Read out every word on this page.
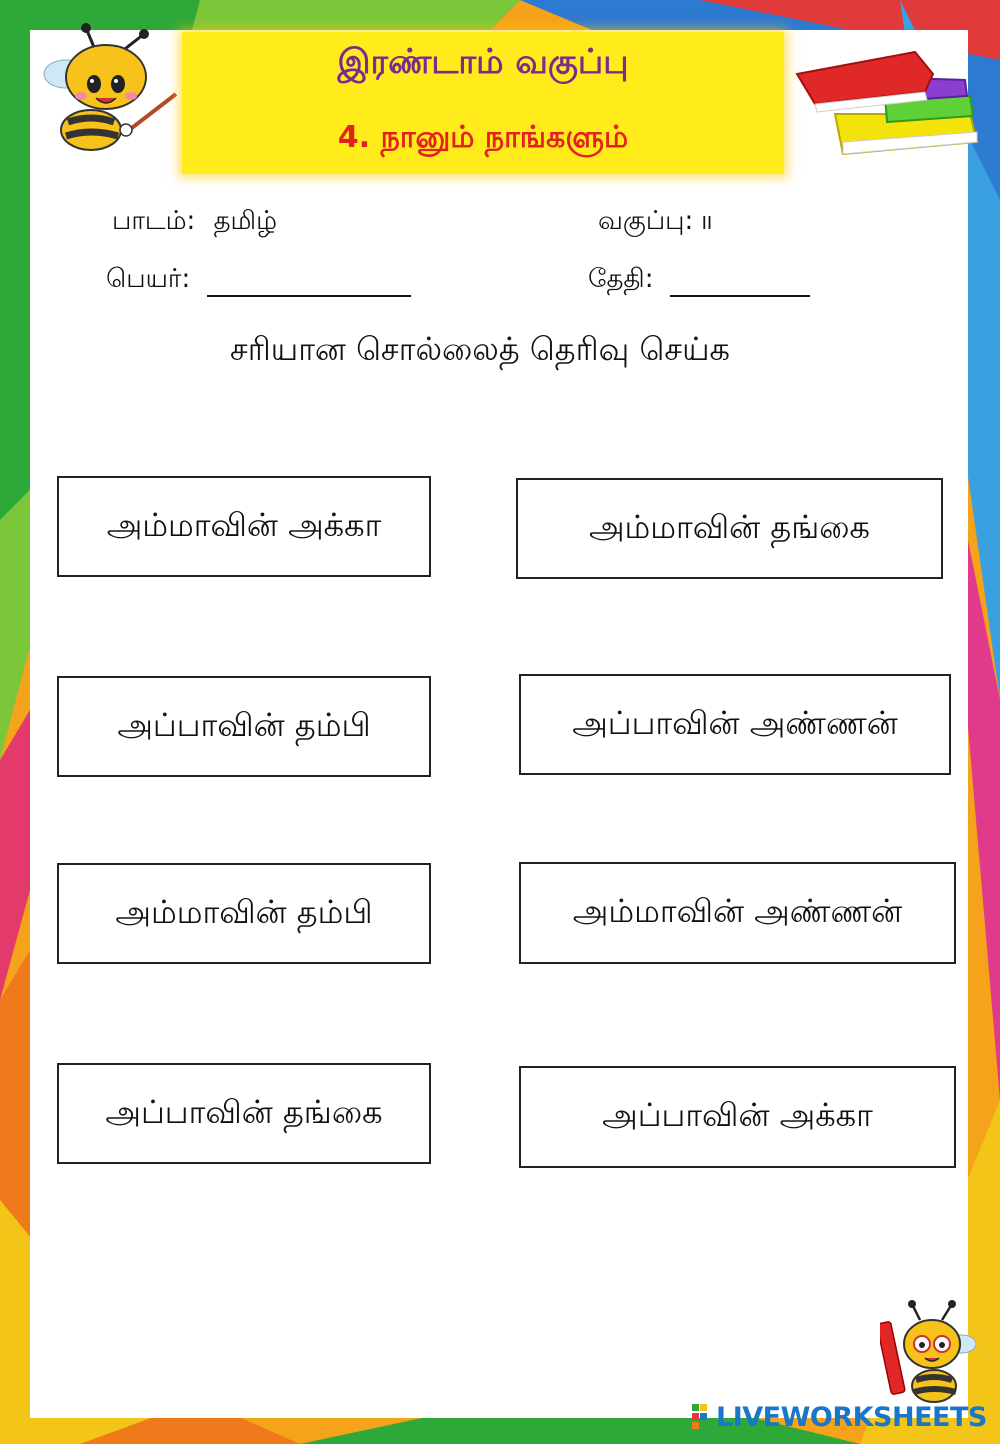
இரண்டாம் வகுப்பு
4. நானும் நாங்களும்
பாடம்: தமிழ்	வகுப்பு: II
பெயர்:	தேதி:
சரியான சொல்லைத் தெரிவு செய்க
அம்மாவின் அக்கா	அம்மாவின் தங்கை
அப்பாவின் தம்பி	அப்பாவின் அண்ணன்
அம்மாவின் தம்பி	அம்மாவின் அண்ணன்
அப்பாவின் தங்கை	அப்பாவின் அக்கா
LIVEWORKSHEETS
